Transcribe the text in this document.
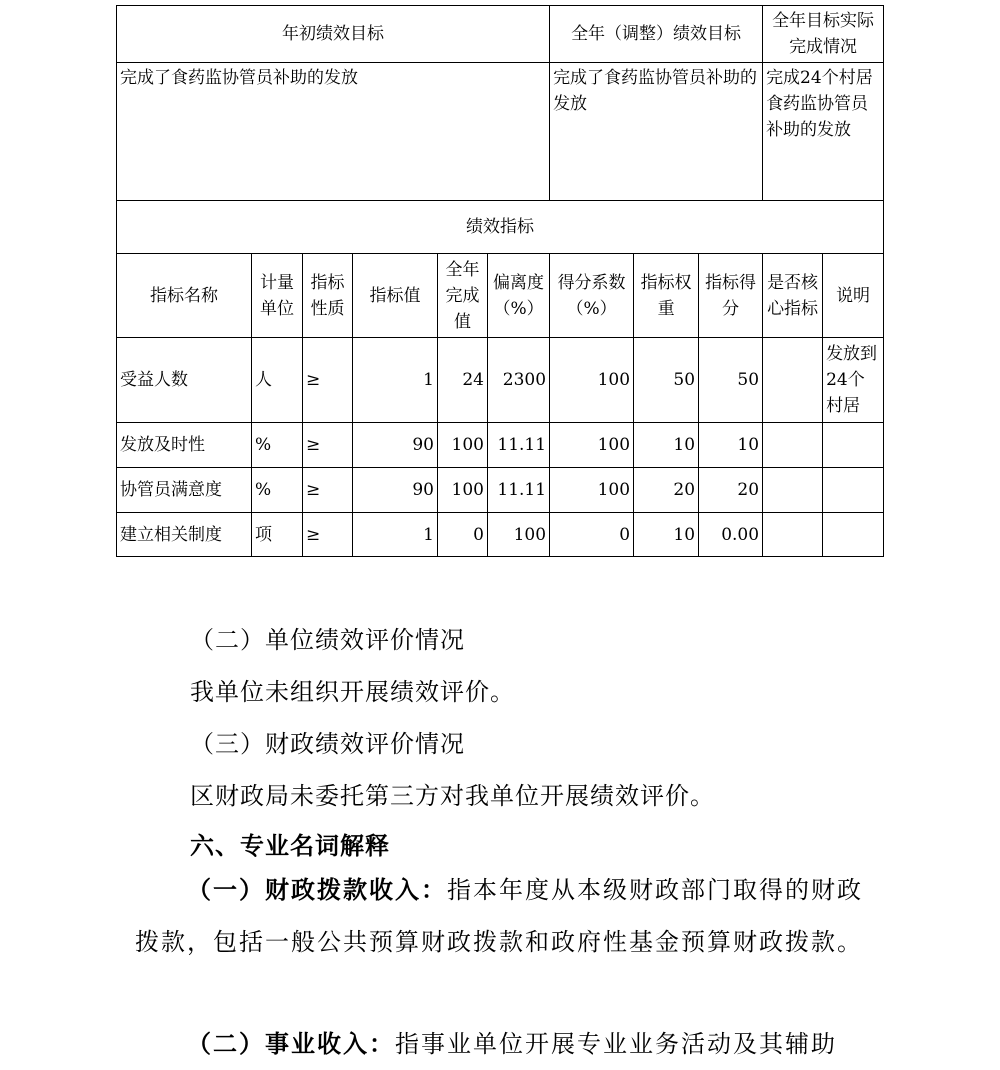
年初绩效目标						全年（调整）绩效目标			全年目标实际完成情况	
完成了食药监协管员补助的发放						完成了食药监协管员补助的发放			完成24个村居食药监协管员补助的发放	
绩效指标										
指标名称	计量单位	指标性质	指标值	全年完成值	偏离度（%）	得分系数（%）	指标权重	指标得分	是否核心指标	说明
受益人数	人	≥	1	24	2300	100	50	50		发放到24个村居
发放及时性	%	≥	90	100	11.11	100	10	10		
协管员满意度	%	≥	90	100	11.11	100	20	20		
建立相关制度	项	≥	1	0	100	0	10	0.00		
（二）单位绩效评价情况
我单位未组织开展绩效评价。
（三）财政绩效评价情况
区财政局未委托第三方对我单位开展绩效评价。
六、专业名词解释
（一）财政拨款收入：指本年度从本级财政部门取得的财政拨款，包括一般公共预算财政拨款和政府性基金预算财政拨款。
（二）事业收入：指事业单位开展专业业务活动及其辅助
